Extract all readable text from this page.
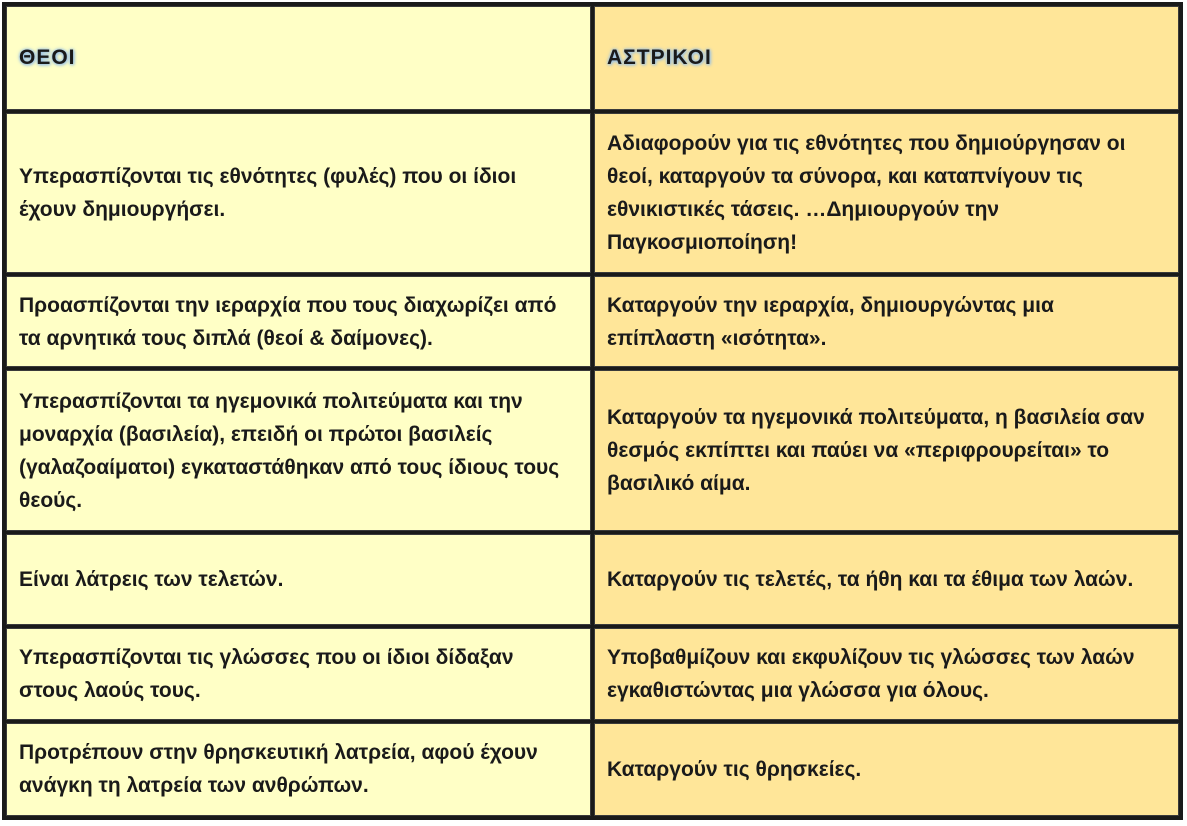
ΘΕΟΙ	ΑΣΤΡΙΚΟΙ
Υπερασπίζονται τις εθνότητες (φυλές) που οι ίδιοι έχουν δημιουργήσει.	Αδιαφορούν για τις εθνότητες που δημιούργησαν οι θεοί, καταργούν τα σύνορα, και καταπνίγουν τις εθνικιστικές τάσεις. …Δημιουργούν την Παγκοσμιοποίηση!
Προασπίζονται την ιεραρχία που τους διαχωρίζει από τα αρνητικά τους διπλά (θεοί & δαίμονες).	Καταργούν την ιεραρχία, δημιουργώντας μια επίπλαστη «ισότητα».
Υπερασπίζονται τα ηγεμονικά πολιτεύματα και την μοναρχία (βασιλεία), επειδή οι πρώτοι βασιλείς (γαλαζοαίματοι) εγκαταστάθηκαν από τους ίδιους τους θεούς.	Καταργούν τα ηγεμονικά πολιτεύματα, η βασιλεία σαν θεσμός εκπίπτει και παύει να «περιφρουρείται» το βασιλικό αίμα.
Είναι λάτρεις των τελετών.	Καταργούν τις τελετές, τα ήθη και τα έθιμα των λαών.
Υπερασπίζονται τις γλώσσες που οι ίδιοι δίδαξαν στους λαούς τους.	Υποβαθμίζουν και εκφυλίζουν τις γλώσσες των λαών εγκαθιστώντας μια γλώσσα για όλους.
Προτρέπουν στην θρησκευτική λατρεία, αφού έχουν ανάγκη τη λατρεία των ανθρώπων.	Καταργούν τις θρησκείες.
